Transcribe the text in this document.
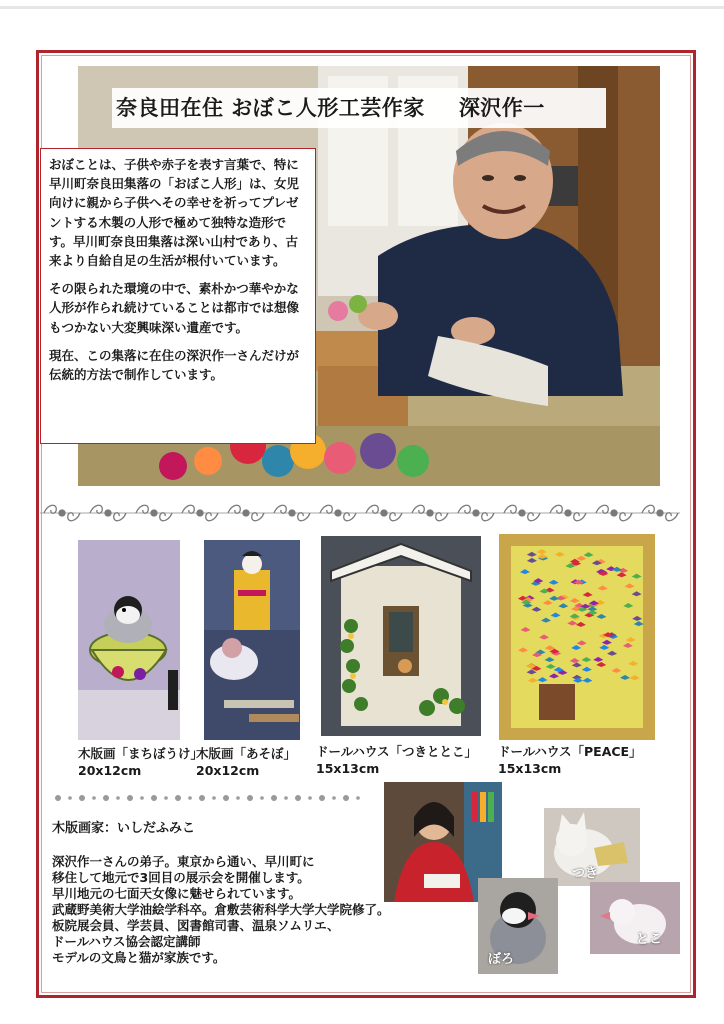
奈良田在住 おぼこ人形工芸作家 深沢作一

おぼことは、子供や赤子を表す言葉で、特に早川町奈良田集落の「おぼこ人形」は、女児向けに親から子供へその幸せを祈ってプレゼントする木製の人形で極めて独特な造形です。早川町奈良田集落は深い山村であり、古来より自給自足の生活が根付いています。

その限られた環境の中で、素朴かつ華やかな人形が作られ続けていることは都市では想像もつかない大変興味深い遺産です。

現在、この集落に在住の深沢作一さんだけが伝統的方法で制作しています。

木版画「まちぼうけ」
20x12cm
木版画「あそぼ」
20x12cm
ドールハウス「つきととこ」
15x13cm
ドールハウス「PEACE」
15x13cm

木版画家：いしだふみこ

深沢作一さんの弟子。東京から通い、早川町に

移住して地元で3回目の展示会を開催します。

早川地元の七面天女像に魅せられています。

武蔵野美術大学油絵学科卒。倉敷芸術科学大学大学院修了。

板院展会員、学芸員、図書館司書、温泉ソムリエ、

ドールハウス協会認定講師

モデルの文鳥と猫が家族です。

つき
ぼろ
とこ
